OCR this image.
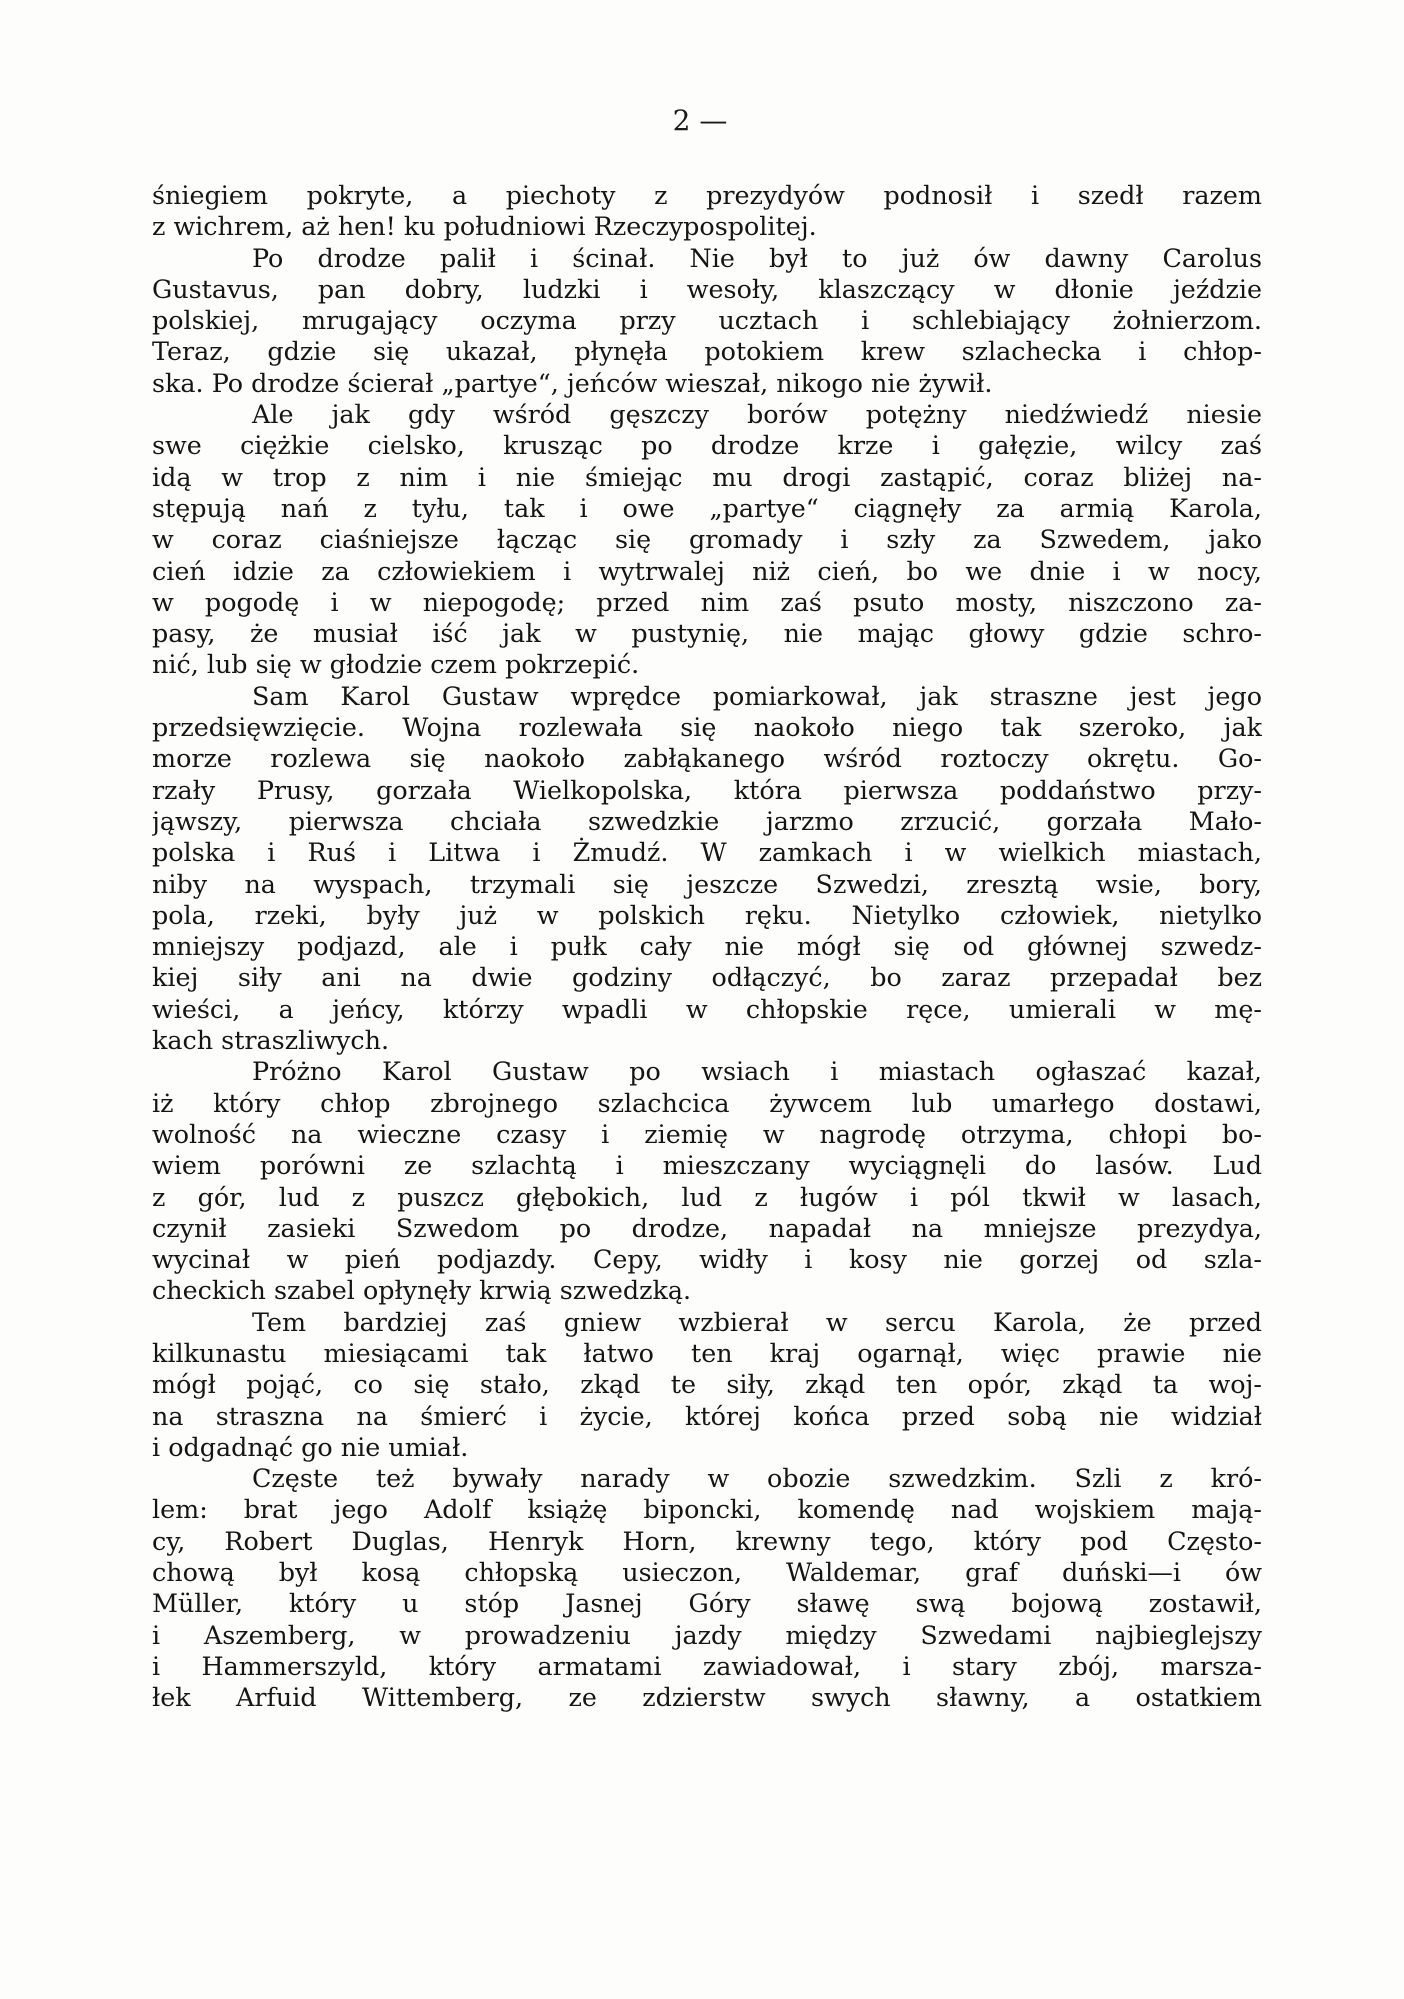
2 —
śniegiem pokryte, a piechoty z prezydyów podnosił i szedł razem
z wichrem, aż hen! ku południowi Rzeczypospolitej.
Po drodze palił i ścinał. Nie był to już ów dawny Carolus
Gustavus, pan dobry, ludzki i wesoły, klaszczący w dłonie jeździe
polskiej, mrugający oczyma przy ucztach i schlebiający żołnierzom.
Teraz, gdzie się ukazał, płynęła potokiem krew szlachecka i chłop-
ska. Po drodze ścierał „partye“, jeńców wieszał, nikogo nie żywił.
Ale jak gdy wśród gęszczy borów potężny niedźwiedź niesie
swe ciężkie cielsko, krusząc po drodze krze i gałęzie, wilcy zaś
idą w trop z nim i nie śmiejąc mu drogi zastąpić, coraz bliżej na-
stępują nań z tyłu, tak i owe „partye“ ciągnęły za armią Karola,
w coraz ciaśniejsze łącząc się gromady i szły za Szwedem, jako
cień idzie za człowiekiem i wytrwalej niż cień, bo we dnie i w nocy,
w pogodę i w niepogodę; przed nim zaś psuto mosty, niszczono za-
pasy, że musiał iść jak w pustynię, nie mając głowy gdzie schro-
nić, lub się w głodzie czem pokrzepić.
Sam Karol Gustaw wprędce pomiarkował, jak straszne jest jego
przedsięwzięcie. Wojna rozlewała się naokoło niego tak szeroko, jak
morze rozlewa się naokoło zabłąkanego wśród roztoczy okrętu. Go-
rzały Prusy, gorzała Wielkopolska, która pierwsza poddaństwo przy-
jąwszy, pierwsza chciała szwedzkie jarzmo zrzucić, gorzała Mało-
polska i Ruś i Litwa i Żmudź. W zamkach i w wielkich miastach,
niby na wyspach, trzymali się jeszcze Szwedzi, zresztą wsie, bory,
pola, rzeki, były już w polskich ręku. Nietylko człowiek, nietylko
mniejszy podjazd, ale i pułk cały nie mógł się od głównej szwedz-
kiej siły ani na dwie godziny odłączyć, bo zaraz przepadał bez
wieści, a jeńcy, którzy wpadli w chłopskie ręce, umierali w mę-
kach straszliwych.
Próżno Karol Gustaw po wsiach i miastach ogłaszać kazał,
iż który chłop zbrojnego szlachcica żywcem lub umarłego dostawi,
wolność na wieczne czasy i ziemię w nagrodę otrzyma, chłopi bo-
wiem porówni ze szlachtą i mieszczany wyciągnęli do lasów. Lud
z gór, lud z puszcz głębokich, lud z ługów i pól tkwił w lasach,
czynił zasieki Szwedom po drodze, napadał na mniejsze prezydya,
wycinał w pień podjazdy. Cepy, widły i kosy nie gorzej od szla-
checkich szabel opłynęły krwią szwedzką.
Tem bardziej zaś gniew wzbierał w sercu Karola, że przed
kilkunastu miesiącami tak łatwo ten kraj ogarnął, więc prawie nie
mógł pojąć, co się stało, zkąd te siły, zkąd ten opór, zkąd ta woj-
na straszna na śmierć i życie, której końca przed sobą nie widział
i odgadnąć go nie umiał.
Częste też bywały narady w obozie szwedzkim. Szli z kró-
lem: brat jego Adolf książę biponcki, komendę nad wojskiem mają-
cy, Robert Duglas, Henryk Horn, krewny tego, który pod Często-
chową był kosą chłopską usieczon, Waldemar, graf duński—i ów
Müller, który u stóp Jasnej Góry sławę swą bojową zostawił,
i Aszemberg, w prowadzeniu jazdy między Szwedami najbieglejszy
i Hammerszyld, który armatami zawiadował, i stary zbój, marsza-
łek Arfuid Wittemberg, ze zdzierstw swych sławny, a ostatkiem
